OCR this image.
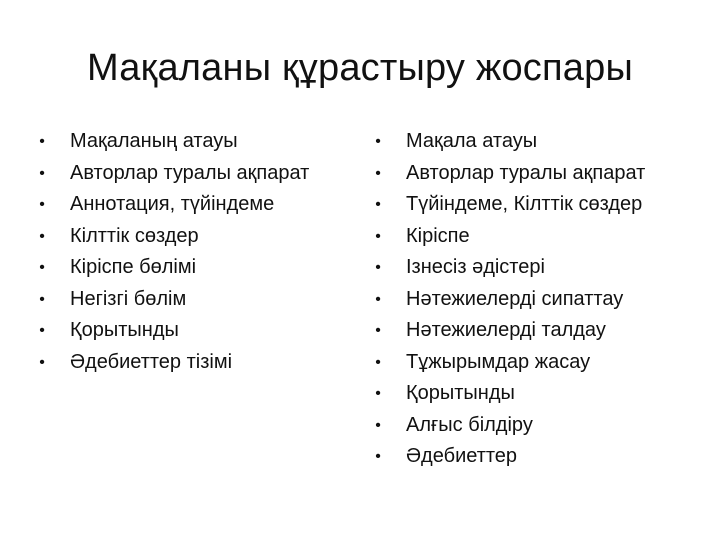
Мақаланы құрастыру жоспары
• Мақаланың атауы
• Авторлар туралы ақпарат
• Аннотация, түйіндеме
• Кілттік сөздер
• Кіріспе бөлімі
• Негізгі бөлім
• Қорытынды
• Әдебиеттер тізімі
• Мақала атауы
• Авторлар туралы ақпарат
• Түйіндеме, Кілттік сөздер
• Кіріспе
• Ізнесіз әдістері
• Нәтежиелерді сипаттау
• Нәтежиелерді талдау
• Тұжырымдар жасау
• Қорытынды
• Алғыс білдіру
• Әдебиеттер
